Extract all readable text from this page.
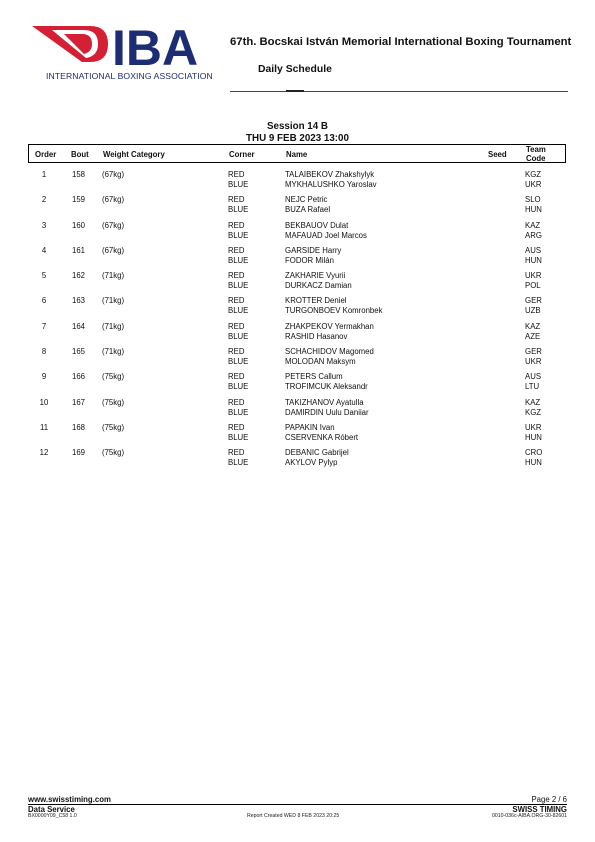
IBA
INTERNATIONAL BOXING ASSOCIATION
67th. Bocskai István Memorial International Boxing Tournament
Daily Schedule
Session 14 B
THU 9 FEB 2023 13:00
Order Bout Weight Category	Corner	Name	Seed
Team Code
1	158 (67kg)	RED	TALAIBEKOV Zhakshylyk	KGZ
BLUE	MYKHALUSHKO Yaroslav	UKR
2	159 (67kg)	RED	NEJC Petric	SLO
BLUE	BUZA Rafael	HUN
3	160 (67kg)	RED	BEKBAUOV Dulat	KAZ
BLUE	MAFAUAD Joel Marcos	ARG
4	161 (67kg)	RED	GARSIDE Harry	AUS
BLUE	FODOR Milán	HUN
5	162 (71kg)	RED	ZAKHARIE Vyurii	UKR
BLUE	DURKACZ Damian	POL
6	163 (71kg)	RED	KROTTER Deniel	GER
BLUE	TURGONBOEV Komronbek	UZB
7	164 (71kg)	RED	ZHAKPEKOV Yermakhan	KAZ
BLUE	RASHID Hasanov	AZE
8	165 (71kg)	RED	SCHACHIDOV Magomed	GER
BLUE	MOLODAN Maksym	UKR
9	166 (75kg)	RED	PETERS Callum	AUS
BLUE	TROFIMCUK Aleksandr	LTU
10	167 (75kg)	RED	TAKIZHANOV Ayatulla	KAZ
BLUE	DAMIRDIN Uulu Daniiar	KGZ
11	168 (75kg)	RED	PAPAKIN Ivan	UKR
BLUE	CSERVENKA Róbert	HUN
12	169 (75kg)	RED	DEBANIC Gabrijel	CRO
BLUE	AKYLOV Pylyp	HUN
www.swisstiming.com	Page 2 / 6
Data Service	SWISS TIMING
BX0000Y09_C58 1.0	Report Created WED 8 FEB 2023 20:25	0010-036c-AIBA.ORG-30-82601
